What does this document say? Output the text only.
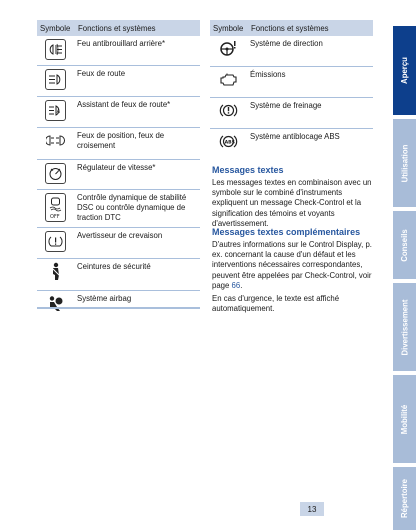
Symbole Fonctions et systèmes
Feu antibrouillard arrière*
Feux de route
A
Assistant de feux de route*
Feux de position, feux de croisement
Régulateur de vitesse*
OFF
Contrôle dynamique de stabilité DSC ou contrôle dynamique de traction DTC
Avertisseur de crevaison
Ceintures de sécurité
Système airbag
Symbole Fonctions et systèmes
Système de direction
Émissions
Système de freinage
ABS
Système antiblocage ABS
Messages textes
Les messages textes en combinaison avec un symbole sur le combiné d'instruments expliquent un message Check-Control et la signification des témoins et voyants d'avertissement.
Messages textes complémentaires
D'autres informations sur le Control Display, p. ex. concernant la cause d'un défaut et les interventions nécessaires correspondantes, peuvent être appelées par Check-Control, voir page 66.
En cas d'urgence, le texte est affiché automatiquement.
Aperçu
Utilisation
Conseils
Divertissement
Mobilité
Répertoire
13
